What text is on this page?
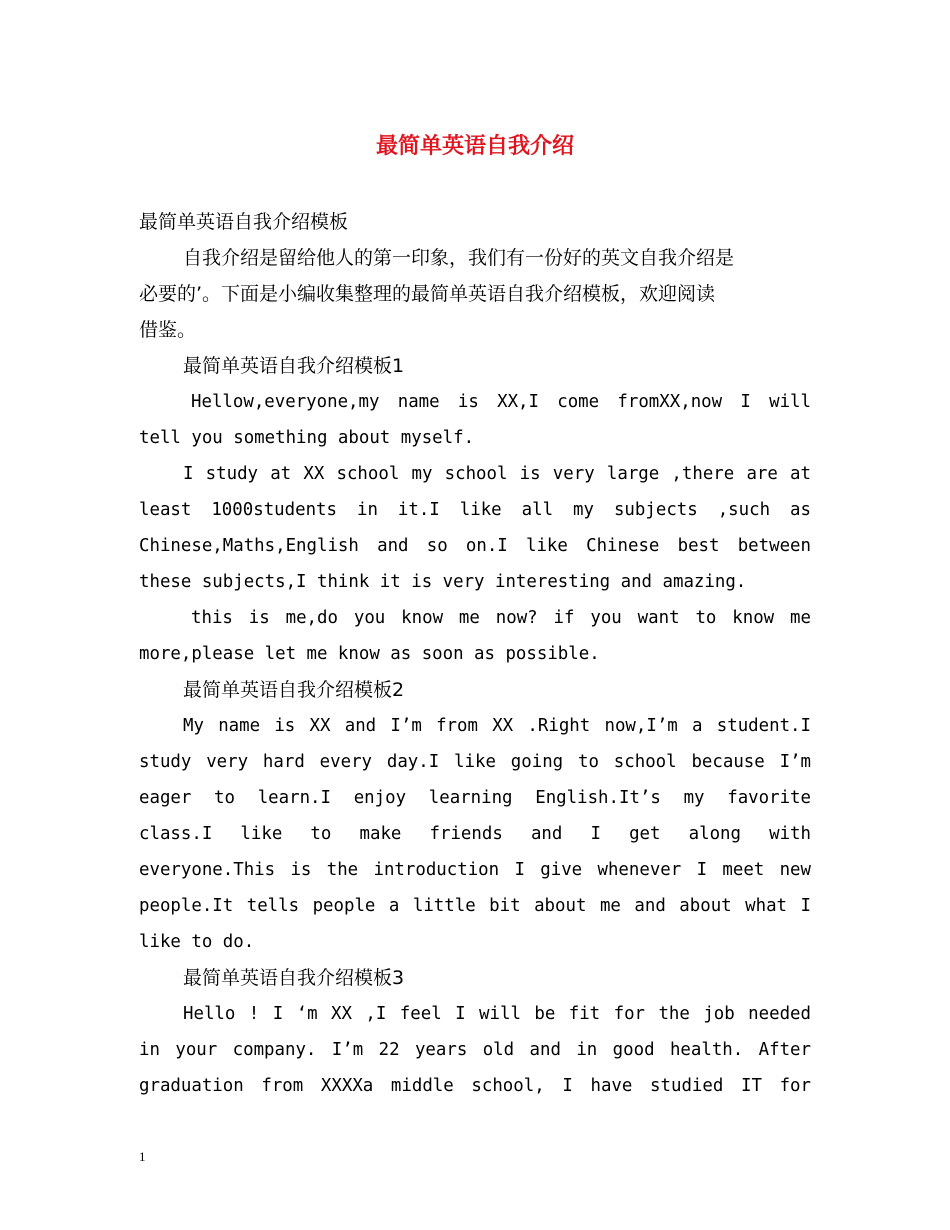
最简单英语自我介绍
最简单英语自我介绍模板
自我介绍是留给他人的第一印象，我们有一份好的英文自我介绍是
必要的’。下面是小编收集整理的最简单英语自我介绍模板，欢迎阅读
借鉴。
最简单英语自我介绍模板1
Hellow,everyone,my name is XX,I come fromXX,now I will
tell you something about myself.
I study at XX school my school is very large ,there are at
least 1000students in it.I like all my subjects ,such as
Chinese,Maths,English and so on.I like Chinese best between
these subjects,I think it is very interesting and amazing.
this is me,do you know me now? if you want to know me
more,please let me know as soon as possible.
最简单英语自我介绍模板2
My name is XX and I’m from XX .Right now,I’m a student.I
study very hard every day.I like going to school because I’m
eager to learn.I enjoy learning English.It’s my favorite
class.I like to make friends and I get along with
everyone.This is the introduction I give whenever I meet new
people.It tells people a little bit about me and about what I
like to do.
最简单英语自我介绍模板3
Hello ! I ‘m XX ,I feel I will be fit for the job needed
in your company. I’m 22 years old and in good health. After
graduation from XXXXa middle school, I have studied IT for
1
